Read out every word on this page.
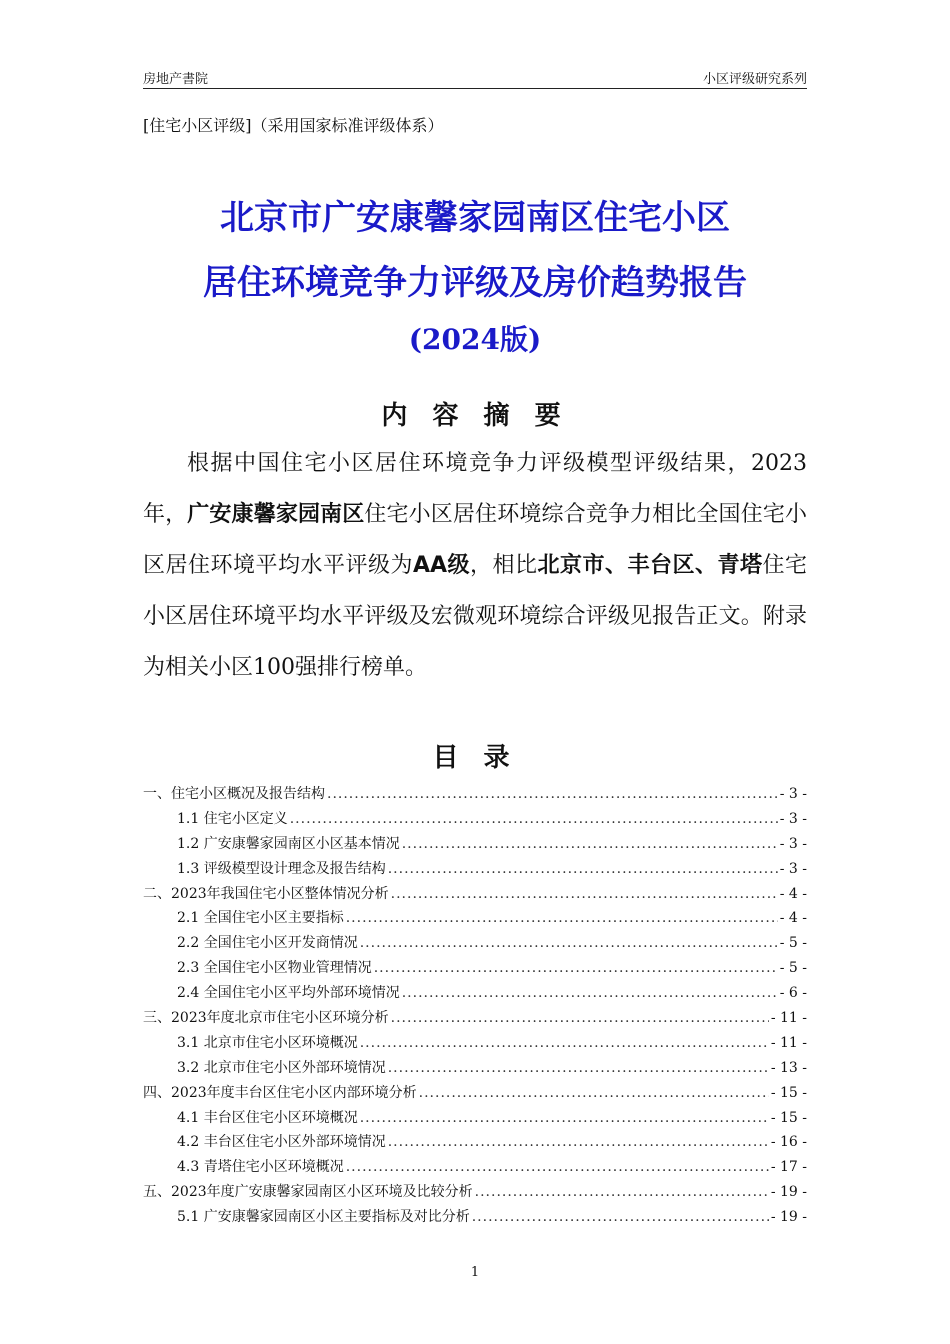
房地产書院	小区评级研究系列
[住宅小区评级]（采用国家标准评级体系）
北京市广安康馨家园南区住宅小区
居住环境竞争力评级及房价趋势报告
(2024版)
内 容 摘 要

根据中国住宅小区居住环境竞争力评级模型评级结果，2023年，广安康馨家园南区住宅小区居住环境综合竞争力相比全国住宅小区居住环境平均水平评级为AA级，相比北京市、丰台区、青塔住宅小区居住环境平均水平评级及宏微观环境综合评级见报告正文。附录为相关小区100强排行榜单。

目 录
一、住宅小区概况及报告结构 .....	- 3 -
1.1 住宅小区定义 .....	- 3 -
1.2 广安康馨家园南区小区基本情况 .....	- 3 -
1.3 评级模型设计理念及报告结构 .....	- 3 -
二、2023年我国住宅小区整体情况分析 .....	- 4 -
2.1 全国住宅小区主要指标 .....	- 4 -
2.2 全国住宅小区开发商情况 .....	- 5 -
2.3 全国住宅小区物业管理情况 .....	- 5 -
2.4 全国住宅小区平均外部环境情况 .....	- 6 -
三、2023年度北京市住宅小区环境分析 .....	- 11 -
3.1 北京市住宅小区环境概况 .....	- 11 -
3.2 北京市住宅小区外部环境情况 .....	- 13 -
四、2023年度丰台区住宅小区内部环境分析 .....	- 15 -
4.1 丰台区住宅小区环境概况 .....	- 15 -
4.2 丰台区住宅小区外部环境情况 .....	- 16 -
4.3 青塔住宅小区环境概况 .....	- 17 -
五、2023年度广安康馨家园南区小区环境及比较分析 .....	- 19 -
5.1 广安康馨家园南区小区主要指标及对比分析 .....	- 19 -
1
